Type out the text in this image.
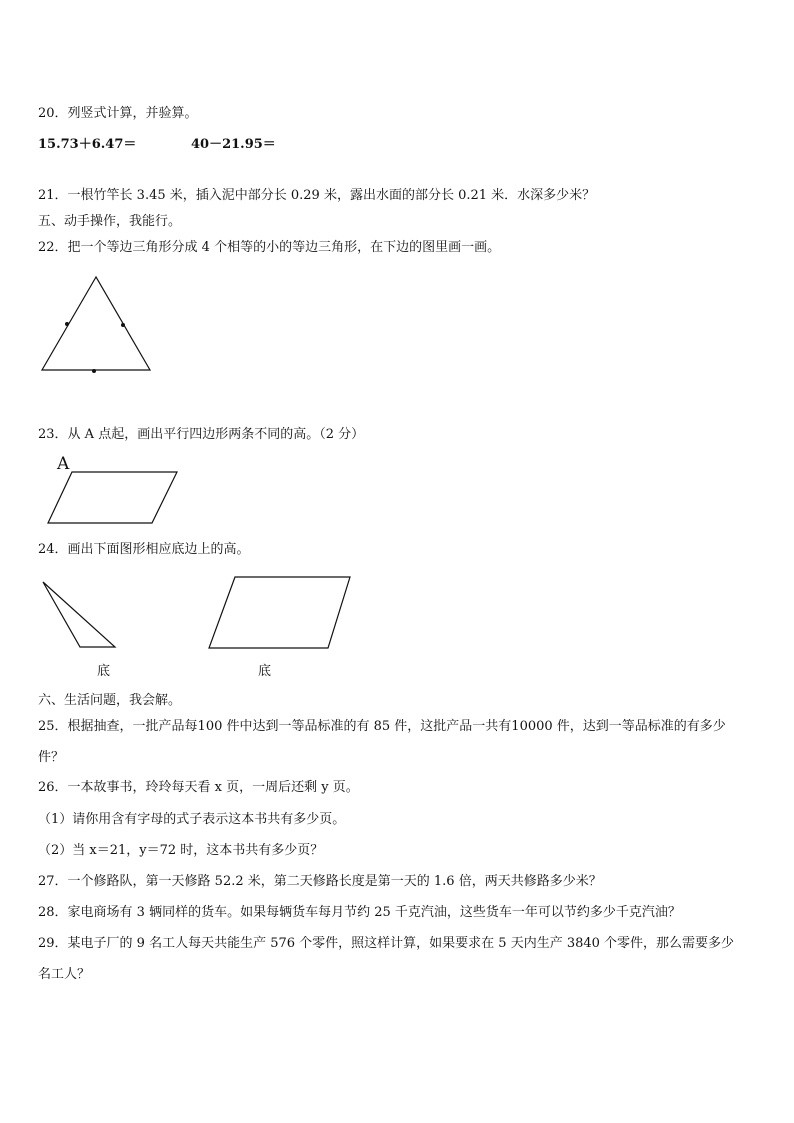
20．列竖式计算，并验算。
15.73＋6.47＝	40－21.95＝
21．一根竹竿长 3.45 米，插入泥中部分长 0.29 米，露出水面的部分长 0.21 米．水深多少米？
五、动手操作，我能行。
22．把一个等边三角形分成 4 个相等的小的等边三角形，在下边的图里画一画。
23．从 A 点起，画出平行四边形两条不同的高。（2 分）
A
24．画出下面图形相应底边上的高。
底	底
六、生活问题，我会解。
25．根据抽查，一批产品每100 件中达到一等品标准的有 85 件，这批产品一共有10000 件，达到一等品标准的有多少
件？
26．一本故事书，玲玲每天看 x 页，一周后还剩 y 页。
（1）请你用含有字母的式子表示这本书共有多少页。
（2）当 x＝21，y＝72 时，这本书共有多少页？
27．一个修路队，第一天修路 52.2 米，第二天修路长度是第一天的 1.6 倍，两天共修路多少米？
28．家电商场有 3 辆同样的货车。如果每辆货车每月节约 25 千克汽油，这些货车一年可以节约多少千克汽油？
29．某电子厂的 9 名工人每天共能生产 576 个零件，照这样计算，如果要求在 5 天内生产 3840 个零件，那么需要多少
名工人？
